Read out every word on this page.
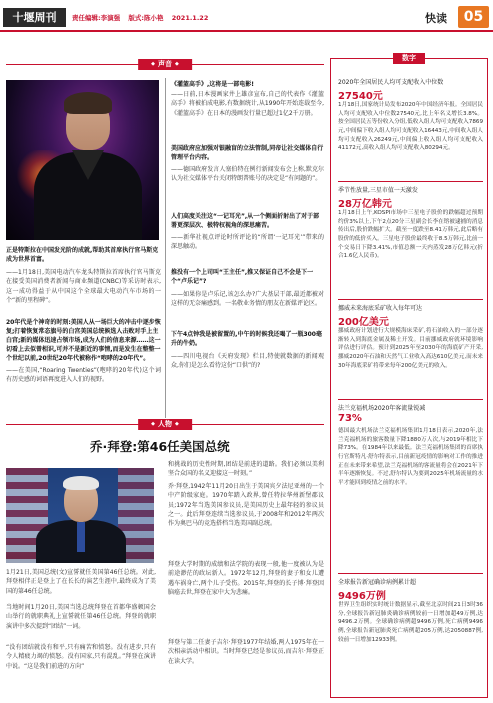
十堰周刊	责任编辑:李演强 版式:陈小艳 2021.1.22	快读	05
◆ 声音 ◆
正是特斯拉在中国发光阶的成就,帮助其首席执行官马斯克成为世界首富。
——1月18日,美国电动汽车龙头特斯拉首席执行官马斯克在接受美国消费者新闻与商业频道(CNBC)等采访时表示,这一成功得益于从中国这个全球最大电动汽车市场的一个“新的里程碑”。
20年代是个神奇的时刻:美国人从一场巨大的冲击中逐步恢复;打着恢复常态旗号的白宫美国总统候选人击败对手上主白宫;新的媒体迅速占领市场,成为人们的信息来源……这一切看上去似曾相识,可并不是新近的事情,而是发生在整整一个世纪以前,20世纪20年代被称作“咆哮的20年代”。
——在美国,“Roaring Twenties”(咆哮的20年代)这个词有历史感的词语再度进入人们的视野。
《灌篮高手》,这将是一部电影!
——日前,日本漫画家井上雄彦宣布,自己的代表作《灌篮高手》将被拍成电影,有数据统计,从1990年开始连载至今,《灌篮高手》在日本的漫画发行量已超过1亿2千万册。
美国政府应加强对银融盲的立法管制,同帝让社交媒体自行管理平台内容。
——德国政府发言人塞伯特在例行新闻发布会上称,默克尔认为社交媒体平台关闭特朗普账号的决定是“有问题的”。
人们高度关注这“一记耳光”,从一个侧面折射出了对于部署更深层次、极特权视角的深思痛苦。
——新华社视点评论时所评论的“所谓‘一记耳光’”带来的深思触动。
推没有一个上司叫“王主任”,推又保证自己不会是下一个“卢乐记”?
——如果你是卢乐记,该怎么办?广大基层干部,最近都被对这样的无奈痛感到。一名敬业务情的朋友在新媒评论区。
下午4点钟我是被留置的,中午的时候我还喝了一瓶300毫升的牛奶。
——四川电视台《天府发现》栏目,特使就数据的新闻观众,你们是怎么看待这份“口供”的?
◆ 人物 ◆
乔·拜登:第46任美国总统
1月21日,美国总统(文)宣誓就任美国第46任总统。对此,拜登相伴正是登上了在长长的演艺生涯中,最终成为了美国的第46任总统。
当地时间1月20日,美国当选总统拜登在首都华盛顿国会山举行的就职典礼上宣誓就任第46任总统。拜登的就职演讲中多次提到“团结”一词。
“没有团结就没有和平,只有痛苦和愤怒。没有进步,只有令人精疲力竭的愤怒。没有国家,只有混乱。”拜登在演讲中说。“这是我们前进的方向”
和挑战的历史性时期,团结是前进的道路。我们必须以美利坚合众国的名义迎接这一时刻。”
乔·拜登,1942年11月20日出生于美国宾夕法尼亚州的一个中产阶级家庭。1970年踏入政界,曾任特拉华州新堡郡议员;1972年当选美国参议员,是美国历史上最年轻的参议员之一。此后拜登连续当选参议员,于2008年和2012年两次作为奥巴马的竞选搭档当选美国副总统。
拜登大学时期的成绩和法学院的表现一般,他一度被认为是前途渺茫的政坛新人。1972年12月,拜登的妻子和女儿遭遇车祸身亡,两个儿子受伤。2015年,拜登的长子博·拜登因脑癌去世,拜登在家中大为悲痛。
拜登与第二任妻子吉尔·拜登1977年结婚,两人1975年在一次相亲活动中相识。当时拜登已经是参议员,而吉尔·拜登正在读大学。
数字
2020年全国居民人均可支配收入中位数
27540元
1月18日,国家统计局发布2020年中国经济年报。全国居民人均可支配收入中位数27540元,比上年名义增长3.8%。按全国居民五等份收入分组,低收入组人均可支配收入7869元,中间偏下收入组人均可支配收入16443元,中间收入组人均可支配收入26249元,中间偏上收入组人均可支配收入41172元,高收入组人均可支配收入80294元。
季节性放量,三星市值一天激发
28万亿韩元
1月18日上午,KOSPI市场中三星电子股价的跌幅超过预期约价3%以上,下午2点20分三星副会长李在镕被逮捕的消息传出后,股价跌幅扩大。截至一度跌至8.41万韩元,此后略有股价的低价买入。三星电子股价最终收于8.5万韩元,比前一个交易日下降3.41%,市值总额一天内蒸发28万亿韩元(折合1.6亿人民币)。
挪威未来海底采矿收入每年可达
200亿美元
挪威政府计划进行大规模海床采矿,将石油收入的一部分逐渐转入到海底金属及稀土开发。目前挪威政府就环境影响评估进行评估。预计到2025年至2030年的海底矿产开采,挪威2020年石油和天然气工业收入高达610亿美元,而未来30年海底采矿将带来每年200亿美元的收入。
法兰克福机场2020年客流量锐减
73%
德国最大机场法兰克福机场集团1月18日表示,2020年,法兰克福机场的旅客数量下降1880万人次,与2019年相比下降73%。在1984年以来最低。法兰克福机场集团的首席执行官斯特凡·舒尔特表示,目前新冠疫情的影响对工作的推进正在未来带来希望,法兰克福机场的客流量将会在2021年下半年逐渐恢复。不过,舒尔特认为要到2025年机场流量的水平才能回到疫情之前的水平。
全球报告新冠确诊病例累计超
9496万例
世界卫生组织实时统计数据显示,截至北京时间21日3时36分,全球报告新冠肺炎确诊病例较前一日增加超49万例,达9496.2万例。全球确诊病例超9496万例,死亡病例9496例,全球报告新冠肺炎死亡病例超205万例,达2050887例,较前一日增加12933例。
